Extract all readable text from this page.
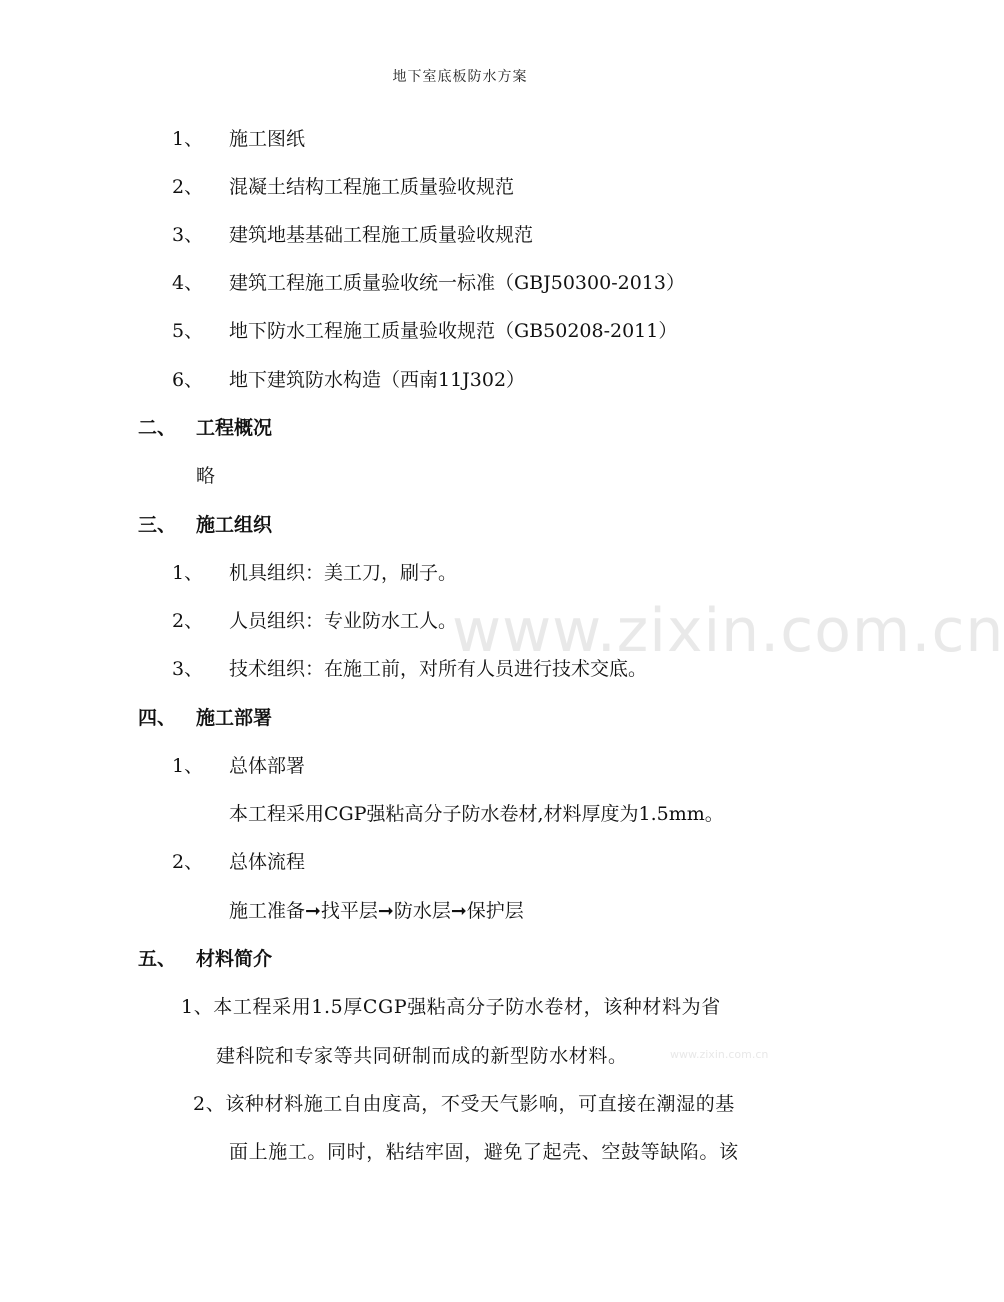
www.zixin.com.cn
www.zixin.com.cn
地下室底板防水方案
1、 施工图纸
2、 混凝土结构工程施工质量验收规范
3、 建筑地基基础工程施工质量验收规范
4、 建筑工程施工质量验收统一标准（GBJ50300-2013）
5、 地下防水工程施工质量验收规范（GB50208-2011）
6、 地下建筑防水构造（西南11J302）
二、 工程概况
略
三、 施工组织
1、 机具组织：美工刀，刷子。
2、 人员组织：专业防水工人。
3、 技术组织：在施工前，对所有人员进行技术交底。
四、 施工部署
1、 总体部署
本工程采用CGP强粘高分子防水卷材,材料厚度为1.5mm。
2、 总体流程
施工准备➞找平层➞防水层➞保护层
五、 材料简介
1、本工程采用1.5厚CGP强粘高分子防水卷材，该种材料为省
建科院和专家等共同研制而成的新型防水材料。
2、该种材料施工自由度高，不受天气影响，可直接在潮湿的基
面上施工。同时，粘结牢固，避免了起壳、空鼓等缺陷。该
